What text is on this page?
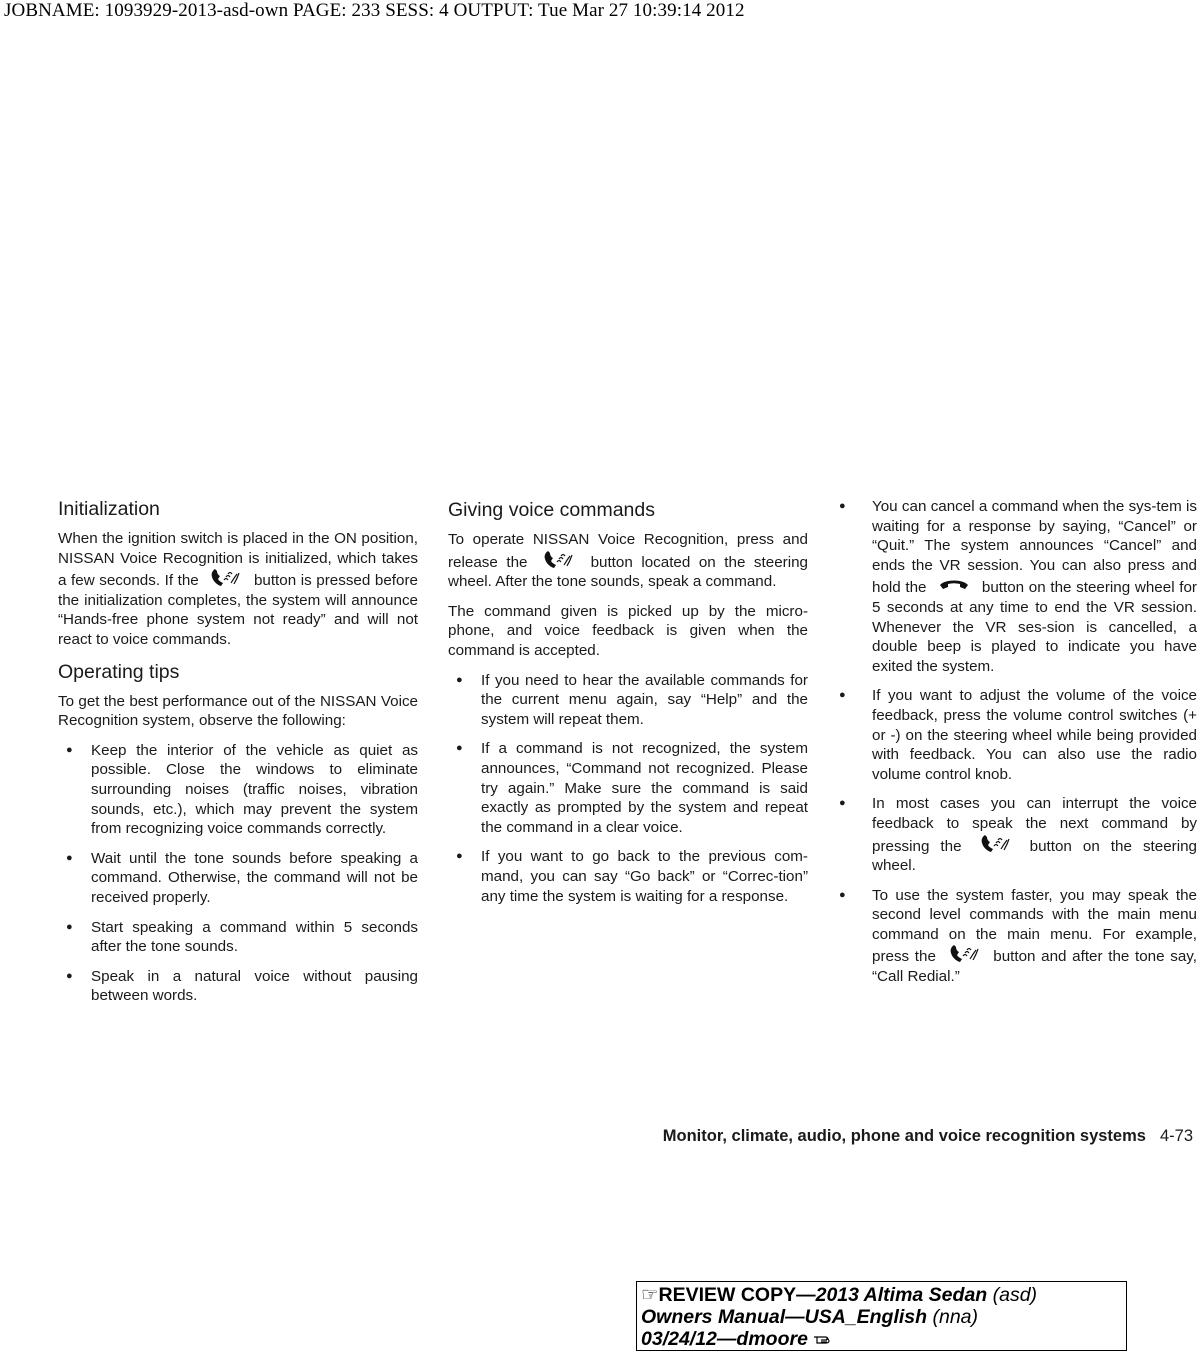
JOBNAME: 1093929-2013-asd-own PAGE: 233 SESS: 4 OUTPUT: Tue Mar 27 10:39:14 2012
Initialization

When the ignition switch is placed in the ON position, NISSAN Voice Recognition is initialized, which takes a few seconds. If the	button is pressed before the initialization completes, the system will announce “Hands-free phone system not ready” and will not react to voice commands.

Operating tips

To get the best performance out of the NISSAN Voice Recognition system, observe the following:

● Keep the interior of the vehicle as quiet as possible. Close the windows to eliminate surrounding noises (traffic noises, vibration sounds, etc.), which may prevent the system from recognizing voice commands correctly.
● Wait until the tone sounds before speaking a command. Otherwise, the command will not be received properly.
● Start speaking a command within 5 seconds after the tone sounds.
● Speak in a natural voice without pausing between words.
Giving voice commands

To operate NISSAN Voice Recognition, press and release the	button located on the steering wheel. After the tone sounds, speak a command.

The command given is picked up by the micro-phone, and voice feedback is given when the command is accepted.

● If you need to hear the available commands for the current menu again, say “Help” and the system will repeat them.
● If a command is not recognized, the system announces, “Command not recognized. Please try again.” Make sure the command is said exactly as prompted by the system and repeat the command in a clear voice.
● If you want to go back to the previous com-mand, you can say “Go back” or “Correc-tion” any time the system is waiting for a response.
● You can cancel a command when the sys-tem is waiting for a response by saying, “Cancel” or “Quit.” The system announces “Cancel” and ends the VR session. You can also press and hold the	button on the steering wheel for 5 seconds at any time to end the VR session. Whenever the VR ses-sion is cancelled, a double beep is played to indicate you have exited the system.
● If you want to adjust the volume of the voice feedback, press the volume control switches (+ or -) on the steering wheel while being provided with feedback. You can also use the radio volume control knob.
● In most cases you can interrupt the voice feedback to speak the next command by pressing the	button on the steering wheel.
● To use the system faster, you may speak the second level commands with the main menu command on the main menu. For example, press the	button and after the tone say, “Call Redial.”
Monitor, climate, audio, phone and voice recognition systems 4-73
☞REVIEW COPY—2013 Altima Sedan (asd)
Owners Manual—USA_English (nna)
03/24/12—dmoore
